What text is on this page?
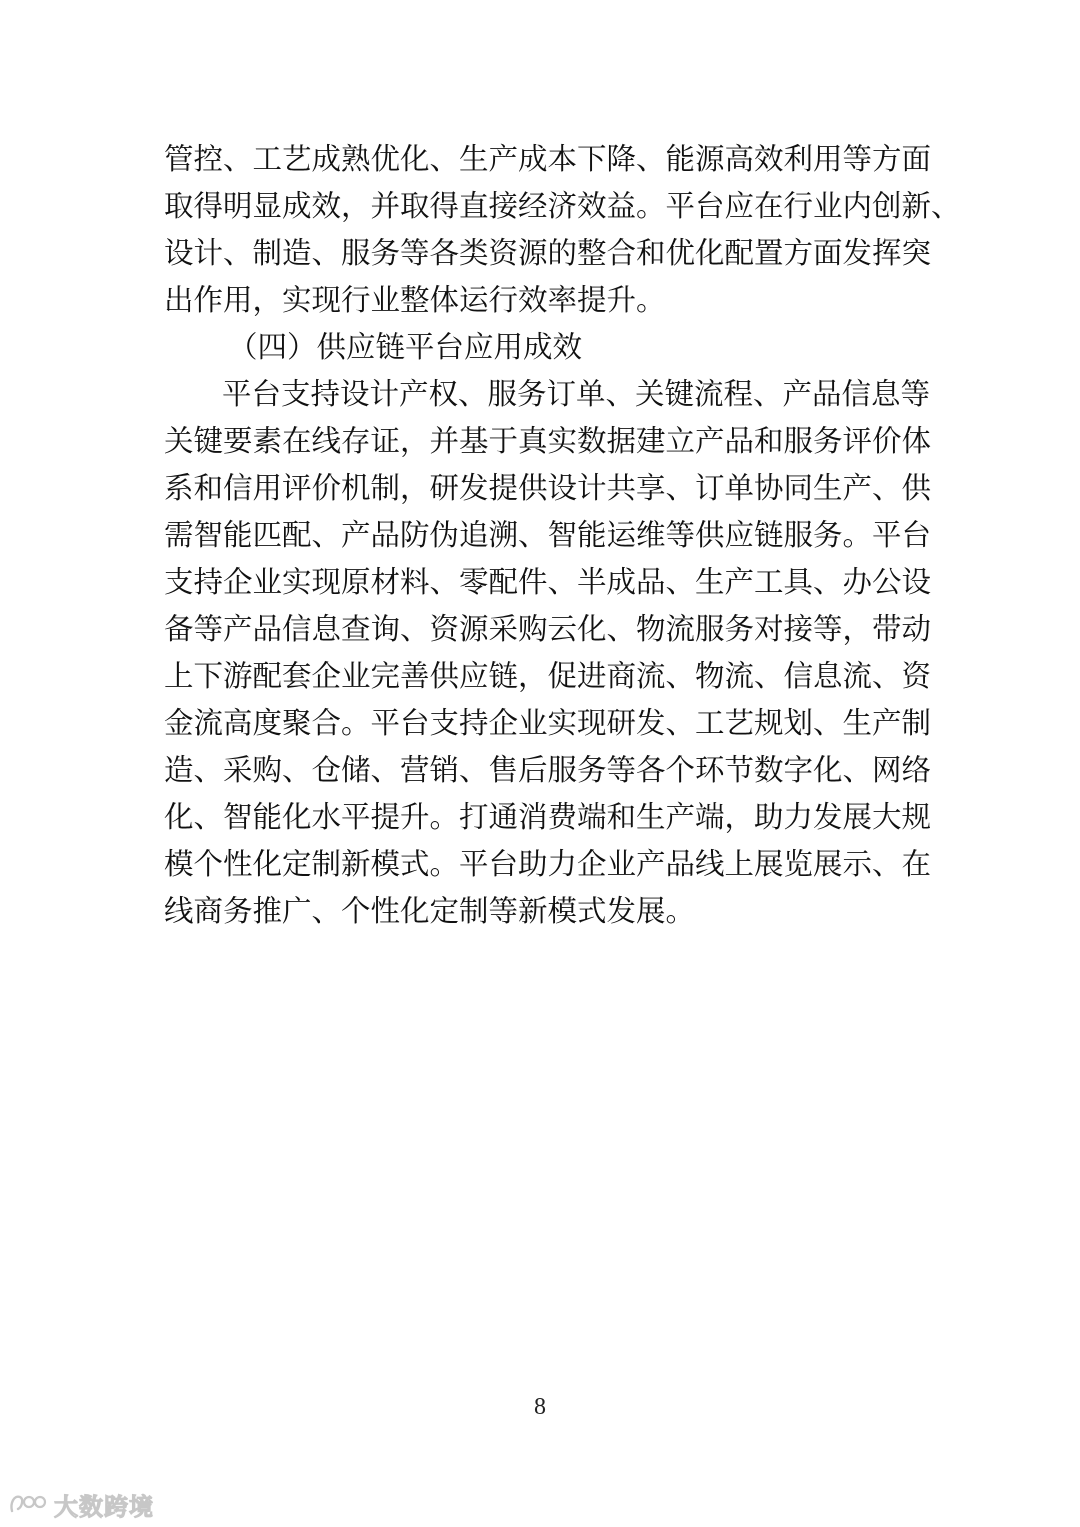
管控、工艺成熟优化、生产成本下降、能源高效利用等方面
取得明显成效，并取得直接经济效益。平台应在行业内创新、
设计、制造、服务等各类资源的整合和优化配置方面发挥突
出作用，实现行业整体运行效率提升。
（四）供应链平台应用成效
平台支持设计产权、服务订单、关键流程、产品信息等
关键要素在线存证，并基于真实数据建立产品和服务评价体
系和信用评价机制，研发提供设计共享、订单协同生产、供
需智能匹配、产品防伪追溯、智能运维等供应链服务。平台
支持企业实现原材料、零配件、半成品、生产工具、办公设
备等产品信息查询、资源采购云化、物流服务对接等，带动
上下游配套企业完善供应链，促进商流、物流、信息流、资
金流高度聚合。平台支持企业实现研发、工艺规划、生产制
造、采购、仓储、营销、售后服务等各个环节数字化、网络
化、智能化水平提升。打通消费端和生产端，助力发展大规
模个性化定制新模式。平台助力企业产品线上展览展示、在
线商务推广、个性化定制等新模式发展。
8
大数跨境
